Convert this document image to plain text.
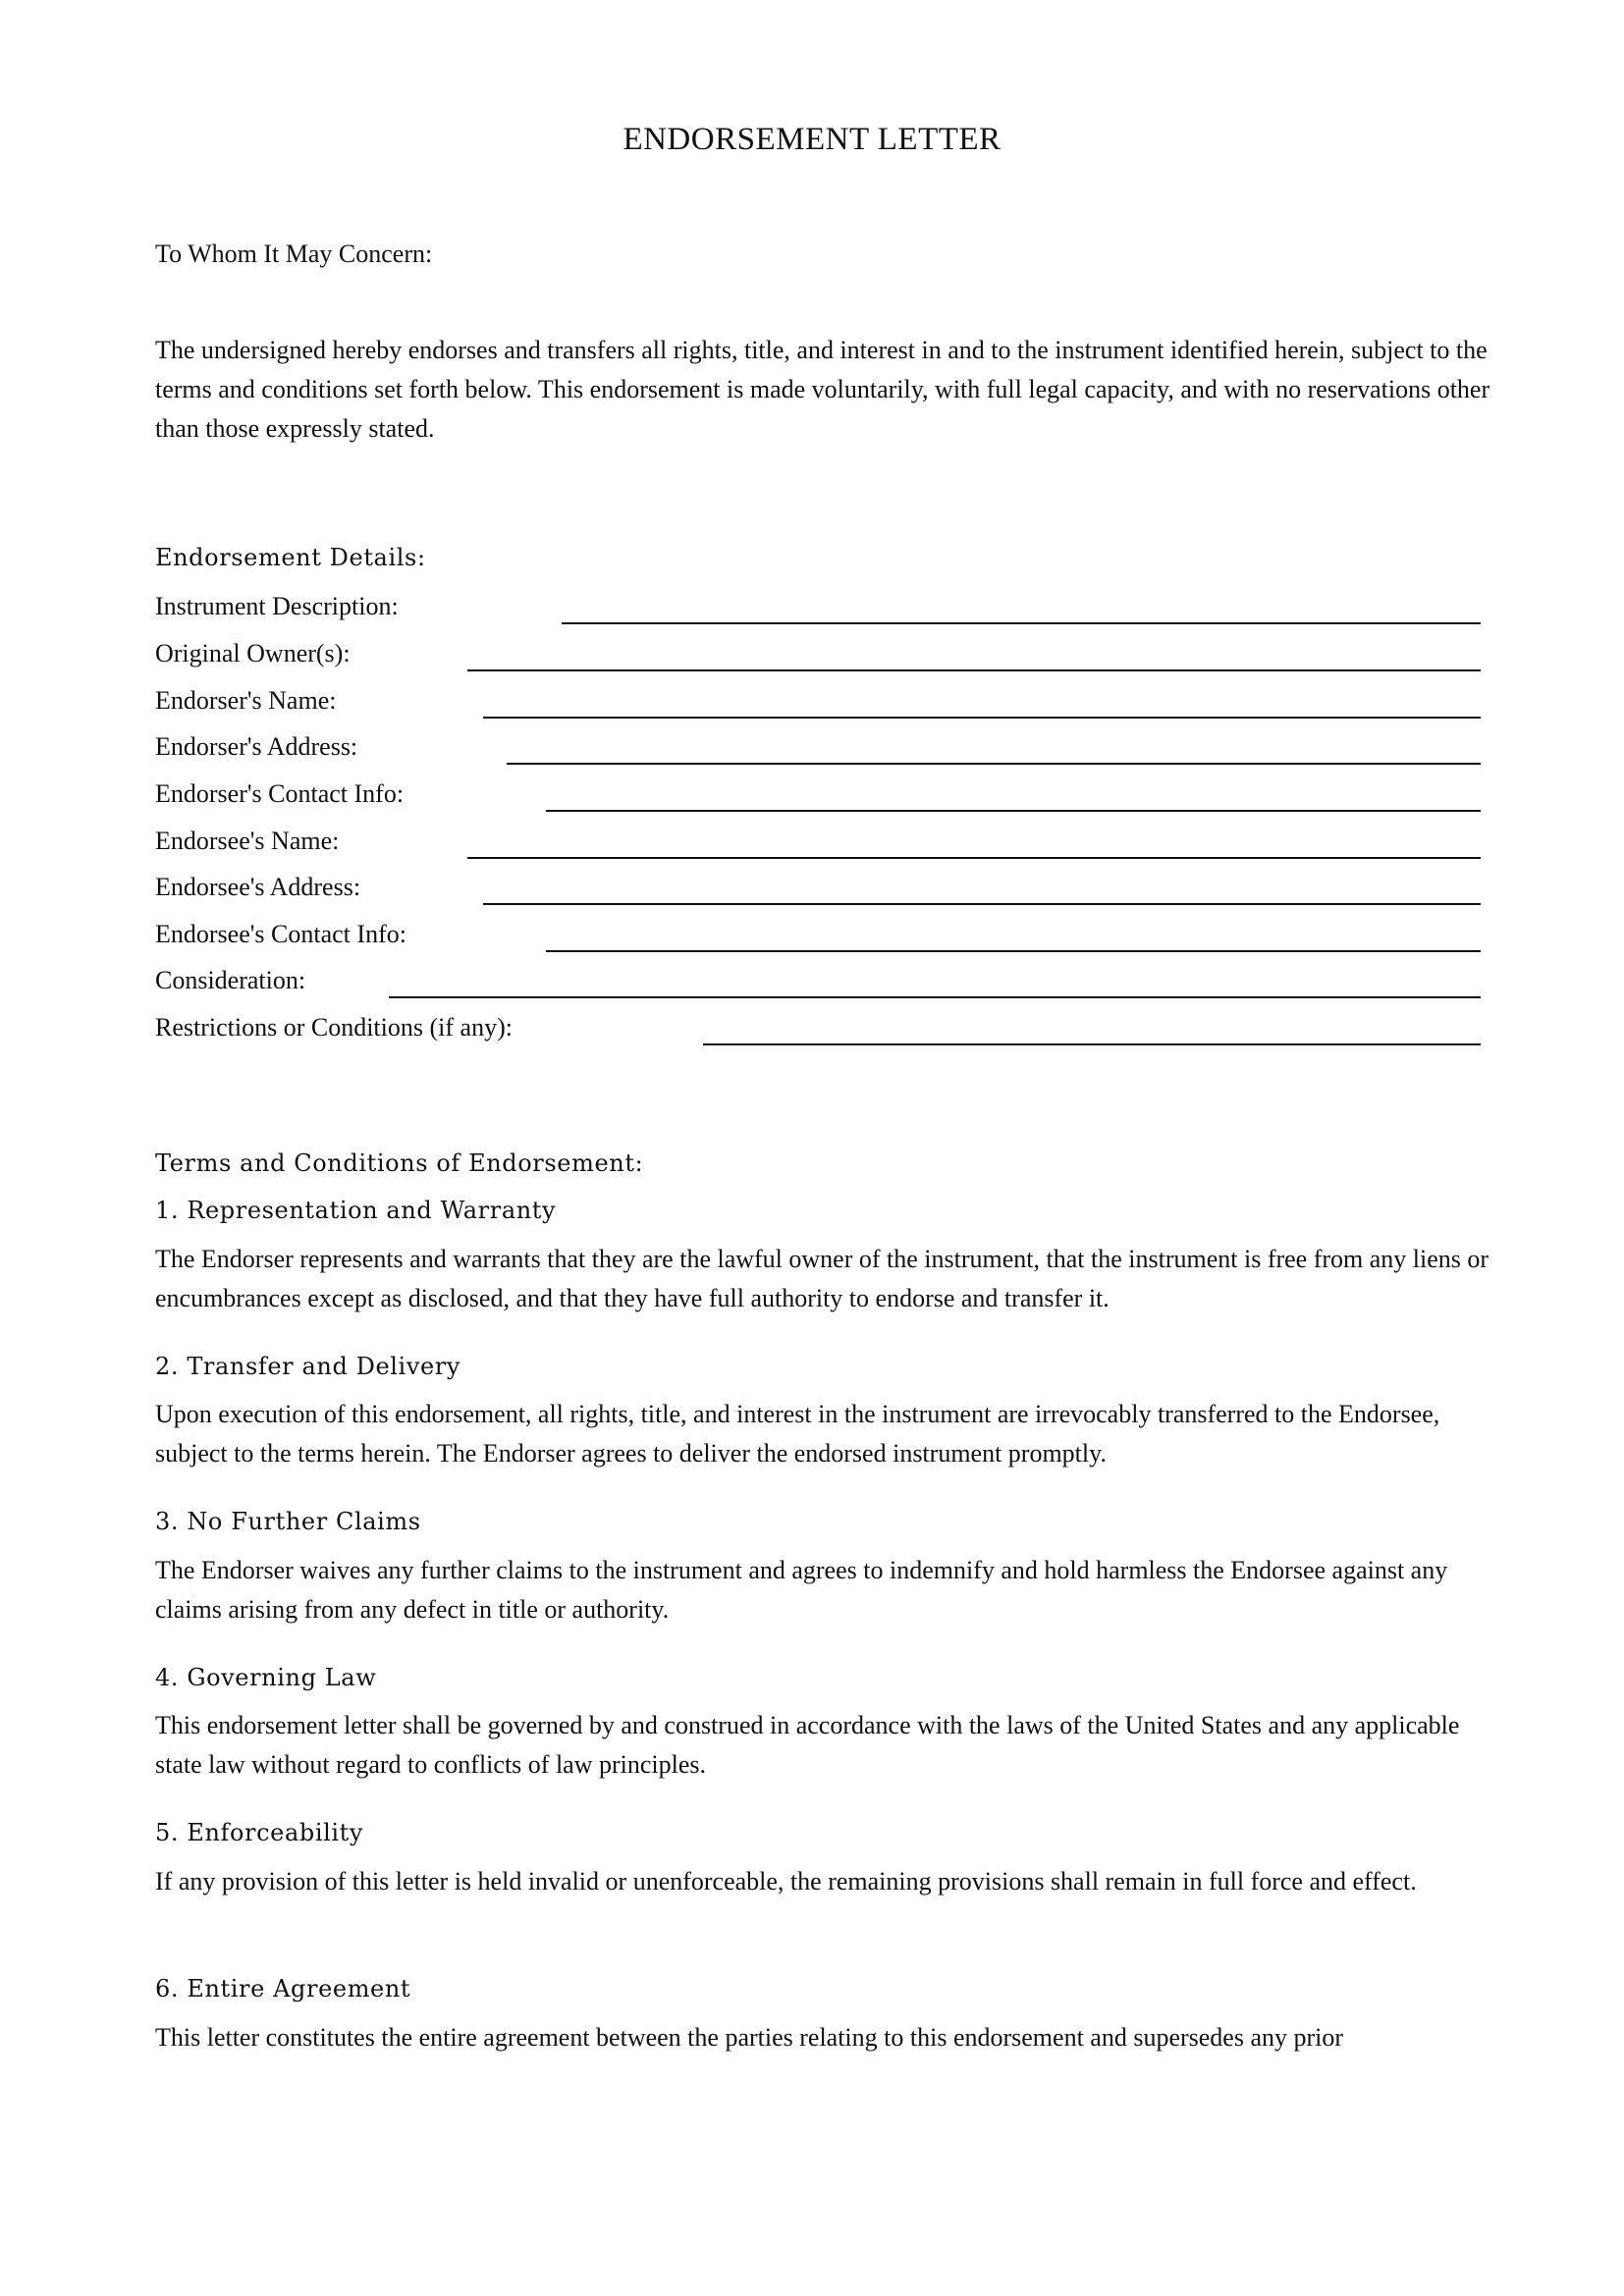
ENDORSEMENT LETTER
To Whom It May Concern:
The undersigned hereby endorses and transfers all rights, title, and interest in and to the instrument identified herein, subject to the terms and conditions set forth below. This endorsement is made voluntarily, with full legal capacity, and with no reservations other than those expressly stated.
Endorsement Details:
Instrument Description:
Original Owner(s):
Endorser's Name:
Endorser's Address:
Endorser's Contact Info:
Endorsee's Name:
Endorsee's Address:
Endorsee's Contact Info:
Consideration:
Restrictions or Conditions (if any):
Terms and Conditions of Endorsement:
1. Representation and Warranty
The Endorser represents and warrants that they are the lawful owner of the instrument, that the instrument is free from any liens or encumbrances except as disclosed, and that they have full authority to endorse and transfer it.
2. Transfer and Delivery
Upon execution of this endorsement, all rights, title, and interest in the instrument are irrevocably transferred to the Endorsee, subject to the terms herein. The Endorser agrees to deliver the endorsed instrument promptly.
3. No Further Claims
The Endorser waives any further claims to the instrument and agrees to indemnify and hold harmless the Endorsee against any claims arising from any defect in title or authority.
4. Governing Law
This endorsement letter shall be governed by and construed in accordance with the laws of the United States and any applicable state law without regard to conflicts of law principles.
5. Enforceability
If any provision of this letter is held invalid or unenforceable, the remaining provisions shall remain in full force and effect.
6. Entire Agreement
This letter constitutes the entire agreement between the parties relating to this endorsement and supersedes any prior
